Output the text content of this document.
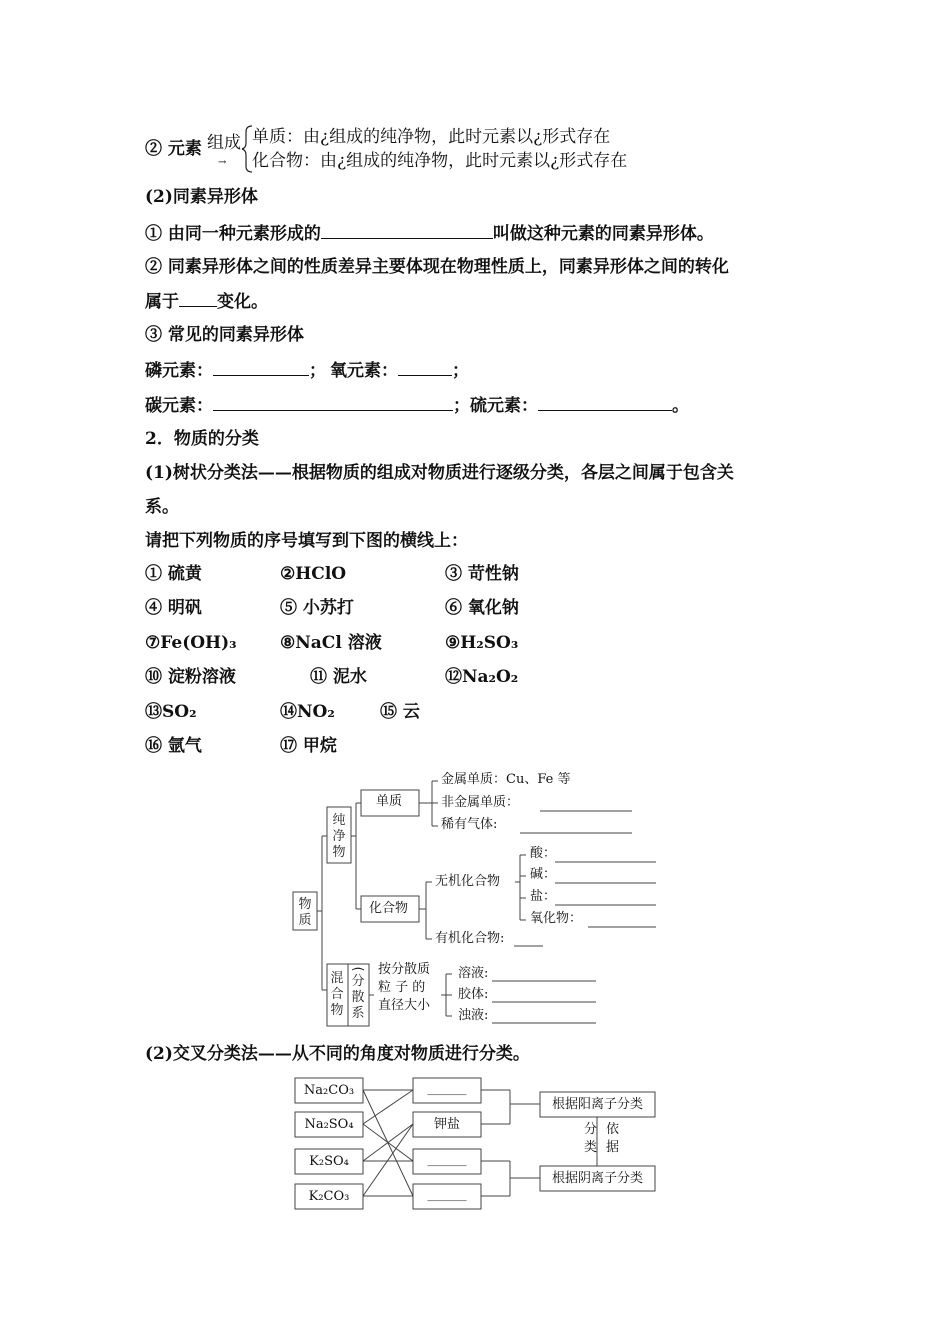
② 元素 组成
→
单质：由¿组成的纯净物，此时元素以¿形式存在
化合物：由¿组成的纯净物，此时元素以¿形式存在
(2)同素异形体
① 由同一种元素形成的	叫做这种元素的同素异形体。
② 同素异形体之间的性质差异主要体现在物理性质上，同素异形体之间的转化
属于 变化。
③ 常见的同素异形体
磷元素：	； 氧元素：	；
碳元素：	；硫元素：	。
2．物质的分类
(1)树状分类法——根据物质的组成对物质进行逐级分类，各层之间属于包含关
系。
请把下列物质的序号填写到下图的横线上：
① 硫黄	②HClO	③ 苛性钠
④ 明矾	⑤ 小苏打	⑥ 氧化钠
⑦Fe(OH)₃	⑧NaCl 溶液	⑨H₂SO₃
⑩ 淀粉溶液	⑪ 泥水	⑫Na₂O₂
⑬SO₂	⑭NO₂	⑮ 云
⑯ 氩气	⑰ 甲烷
物
质
纯
净
物
混
合
物
(
分
散
系
单质
金属单质：Cu、Fe 等
非金属单质：
稀有气体:
化合物
无机化合物
酸：
碱：
盐：
氧化物：
有机化合物:
按分散质
粒 子 的
直径大小
溶液:
胶体:
浊液:
(2)交叉分类法——从不同的角度对物质进行分类。
Na₂CO₃
Na₂SO₄
K₂SO₄
K₂CO₃
______
钾盐
______
______
根据阳离子分类
根据阴离子分类
分类
依据
